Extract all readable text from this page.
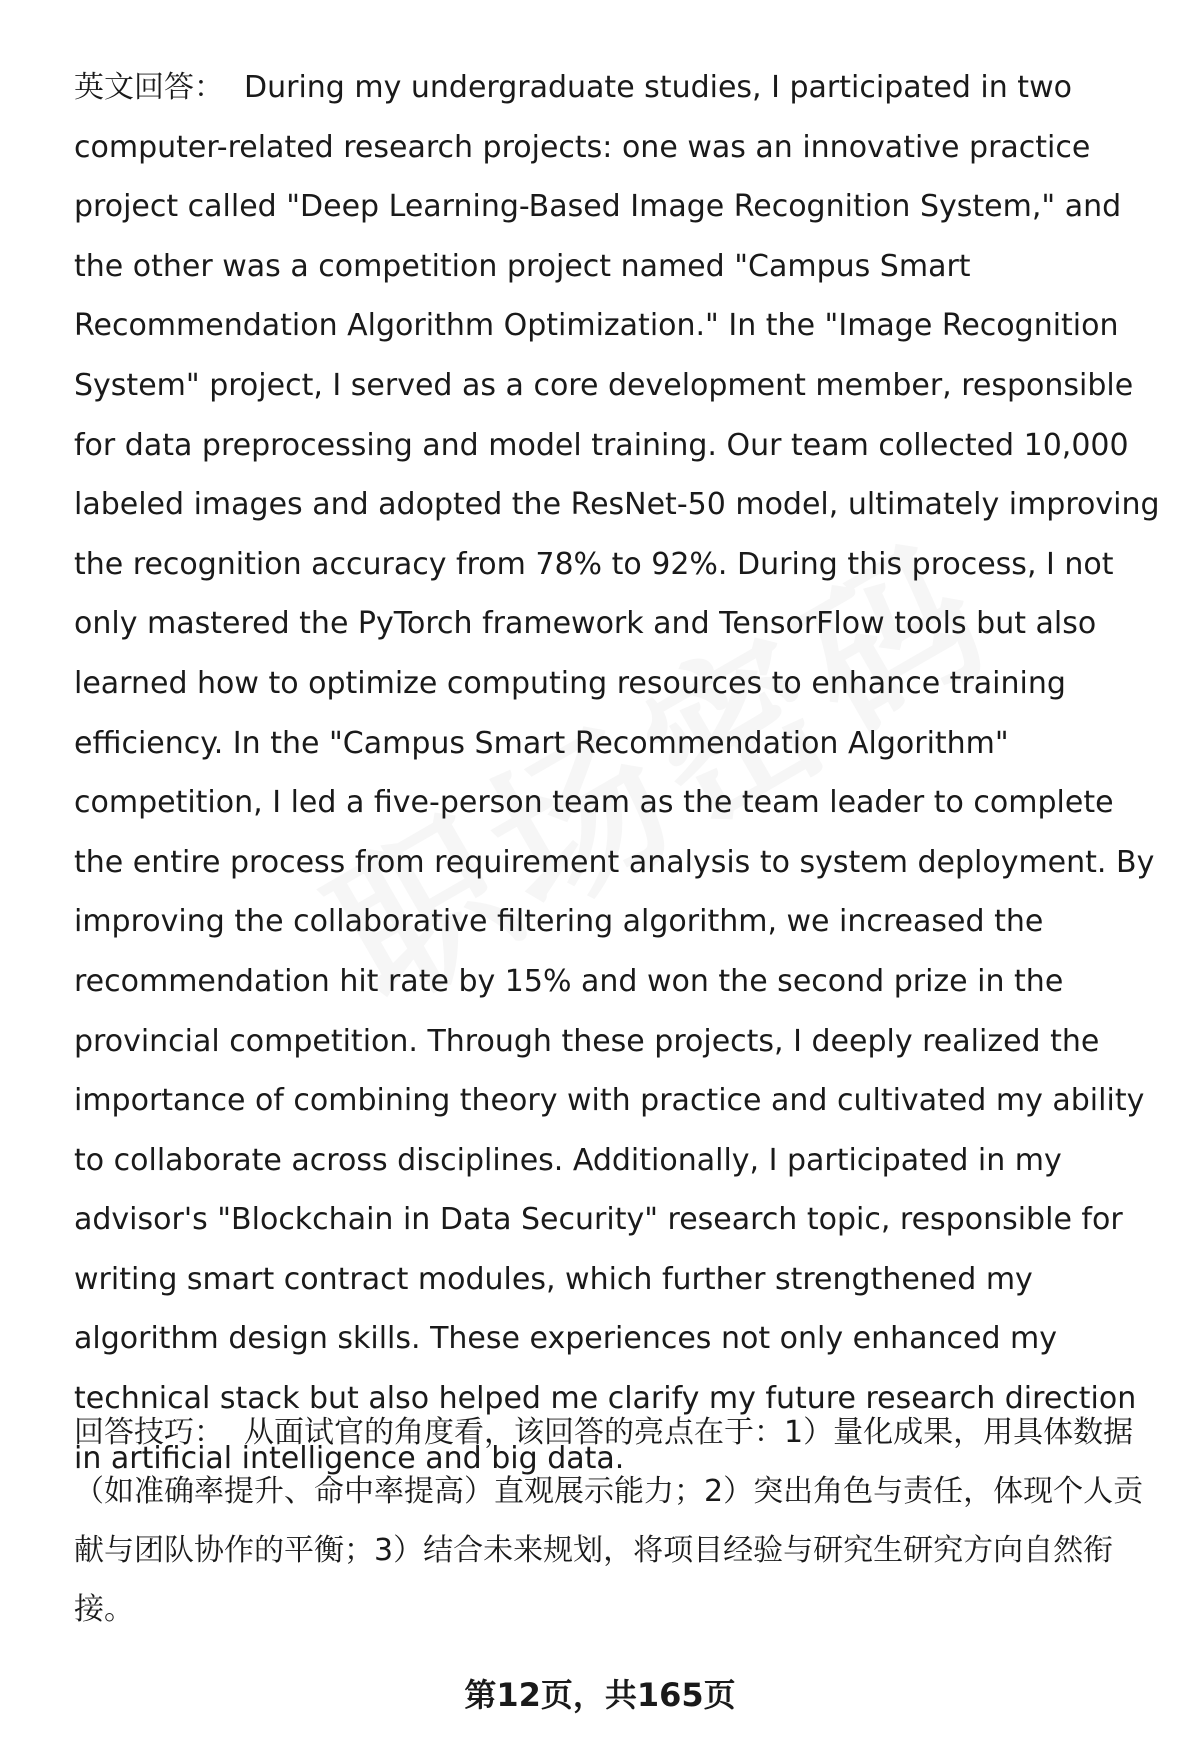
英文回答： During my undergraduate studies, I participated in two computer-related research projects: one was an innovative practice project called "Deep Learning-Based Image Recognition System," and the other was a competition project named "Campus Smart Recommendation Algorithm Optimization." In the "Image Recognition System" project, I served as a core development member, responsible for data preprocessing and model training. Our team collected 10,000 labeled images and adopted the ResNet-50 model, ultimately improving the recognition accuracy from 78% to 92%. During this process, I not only mastered the PyTorch framework and TensorFlow tools but also learned how to optimize computing resources to enhance training efficiency. In the "Campus Smart Recommendation Algorithm" competition, I led a five-person team as the team leader to complete the entire process from requirement analysis to system deployment. By improving the collaborative filtering algorithm, we increased the recommendation hit rate by 15% and won the second prize in the provincial competition. Through these projects, I deeply realized the importance of combining theory with practice and cultivated my ability to collaborate across disciplines. Additionally, I participated in my advisor's "Blockchain in Data Security" research topic, responsible for writing smart contract modules, which further strengthened my algorithm design skills. These experiences not only enhanced my technical stack but also helped me clarify my future research direction in artificial intelligence and big data.

回答技巧： 从面试官的角度看，该回答的亮点在于：1）量化成果，用具体数据（如准确率提升、命中率提高）直观展示能力；2）突出角色与责任，体现个人贡献与团队协作的平衡；3）结合未来规划，将项目经验与研究生研究方向自然衔接。

第12页，共165页
